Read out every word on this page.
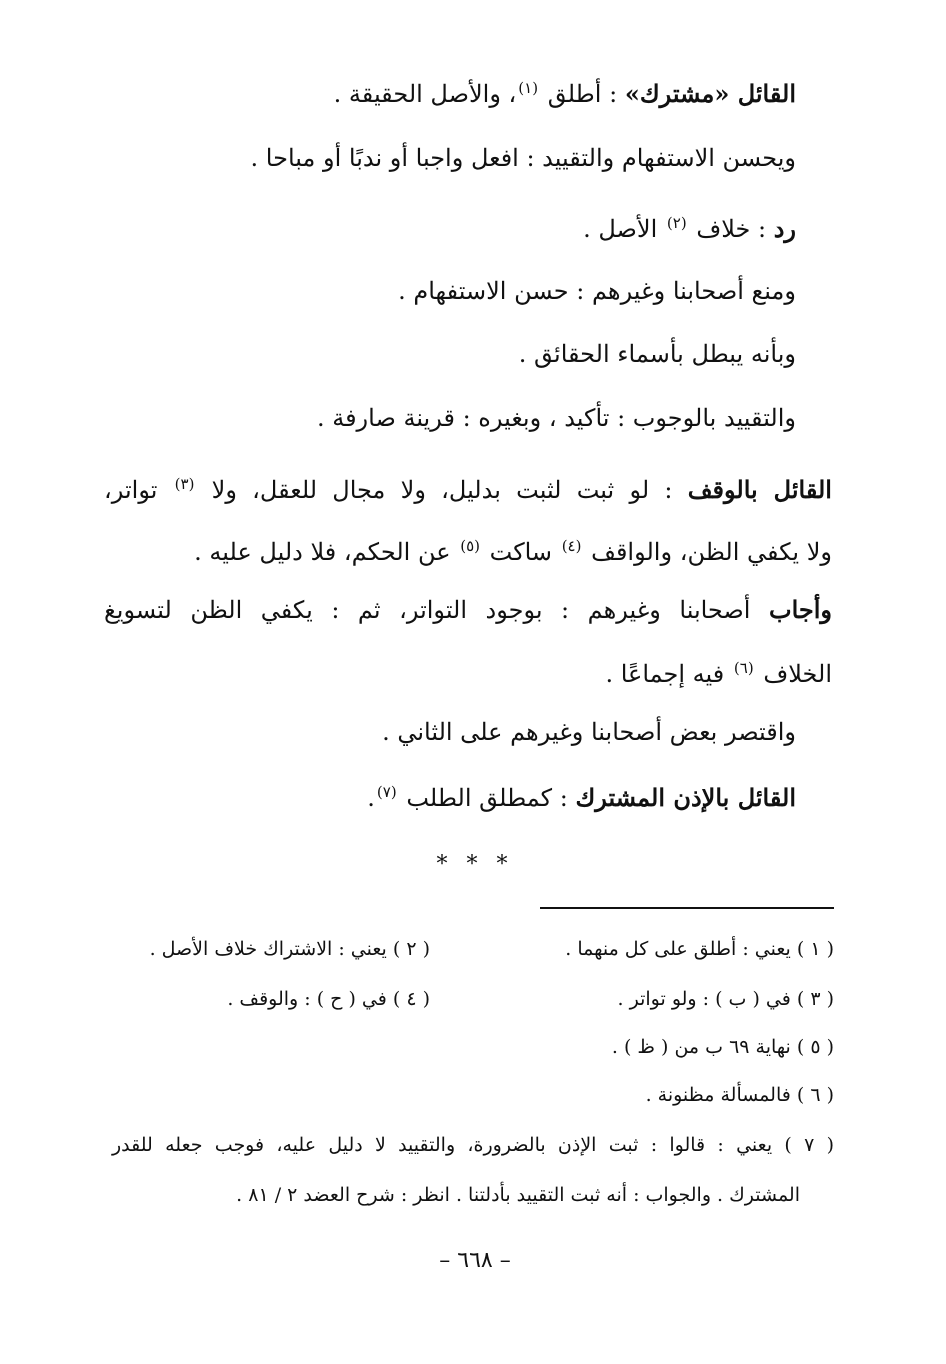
القائل «مشترك» : أطلق $^{(١)}$، والأصل الحقيقة .
ويحسن الاستفهام والتقييد : افعل واجبا أو ندبًا أو مباحا .
رد : خلاف $^{(٢)}$ الأصل .
ومنع أصحابنا وغيرهم : حسن الاستفهام .
وبأنه يبطل بأسماء الحقائق .
والتقييد بالوجوب : تأكيد ، وبغيره : قرينة صارفة .
القائل بالوقف : لو ثبت لثبت بدليل، ولا مجال للعقل، ولا $^{(٣)}$ تواتر،
ولا يكفي الظن، والواقف $^{(٤)}$ ساكت $^{(٥)}$ عن الحكم، فلا دليل عليه .
وأجاب أصحابنا وغيرهم : بوجود التواتر، ثم : يكفي الظن لتسويغ
الخلاف $^{(٦)}$ فيه إجماعًا .
واقتصر بعض أصحابنا وغيرهم على الثاني .
القائل بالإذن المشترك : كمطلق الطلب $^{(٧)}$.
* * *
( ١ ) يعني : أطلق على كل منهما .
( ٢ ) يعني : الاشتراك خلاف الأصل .
( ٣ ) في ( ب ) : ولو تواتر .
( ٤ ) في ( ح ) : والوقف .
( ٥ ) نهاية ٦٩ ب من ( ظ ) .
( ٦ ) فالمسألة مظنونة .
( ٧ ) يعني : قالوا : ثبت الإذن بالضرورة، والتقييد لا دليل عليه، فوجب جعله للقدر
المشترك . والجواب : أنه ثبت التقييد بأدلتنا . انظر : شرح العضد ٢ / ٨١ .
– ٦٦٨ –
